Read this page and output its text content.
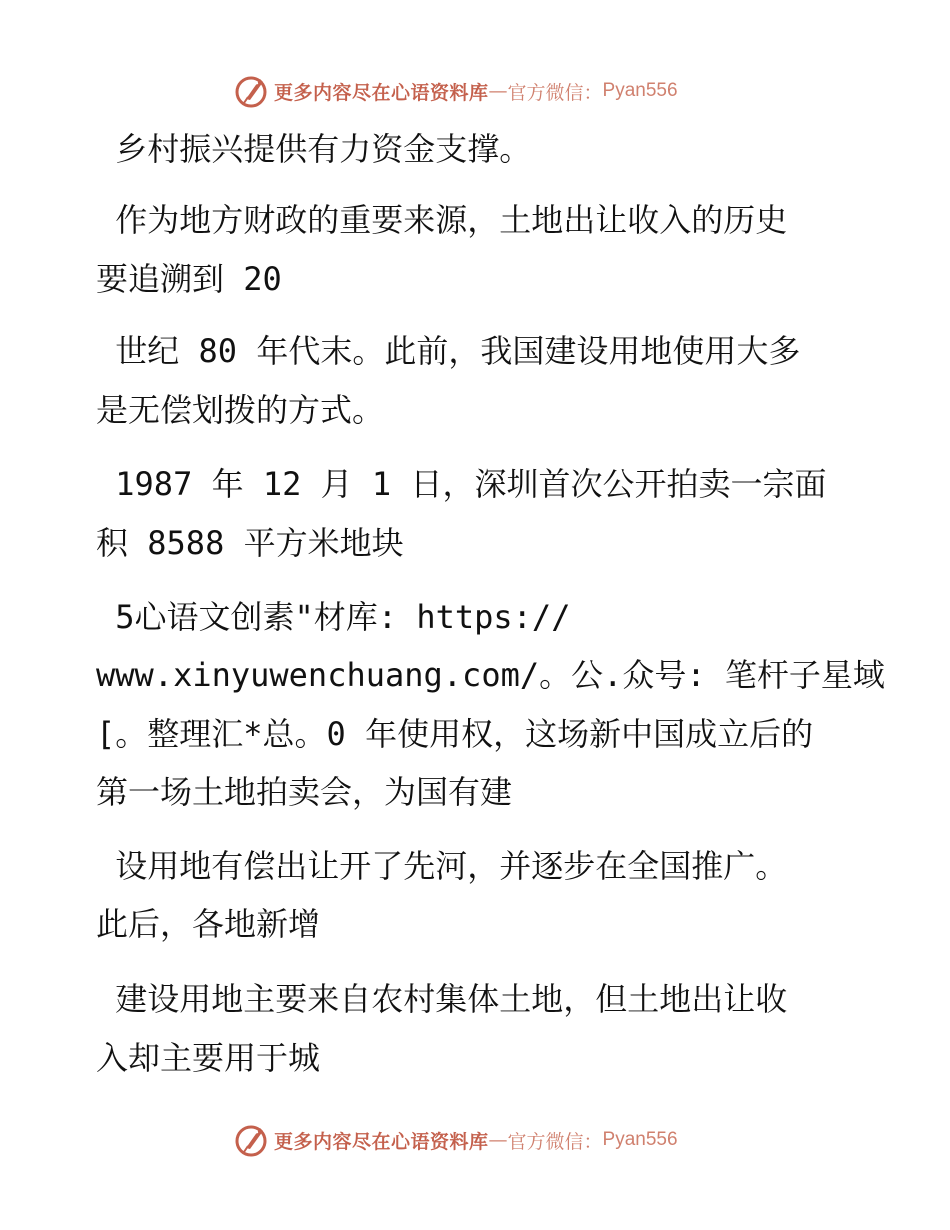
更多内容尽在心语资料库 — 官方微信： Pyan556

乡村振兴提供有力资金支撑。

作为地方财政的重要来源，土地出让收入的历史

要追溯到 20

世纪 80 年代末。此前，我国建设用地使用大多

是无偿划拨的方式。

1987 年 12 月 1 日，深圳首次公开拍卖一宗面

积 8588 平方米地块

5心语文创素"材库: https://

www.xinyuwenchuang.com/。公.众号: 笔杆子星域

[。整理汇*总。0 年使用权，这场新中国成立后的

第一场土地拍卖会，为国有建

设用地有偿出让开了先河，并逐步在全国推广。

此后，各地新增

建设用地主要来自农村集体土地，但土地出让收

入却主要用于城

更多内容尽在心语资料库 — 官方微信： Pyan556
